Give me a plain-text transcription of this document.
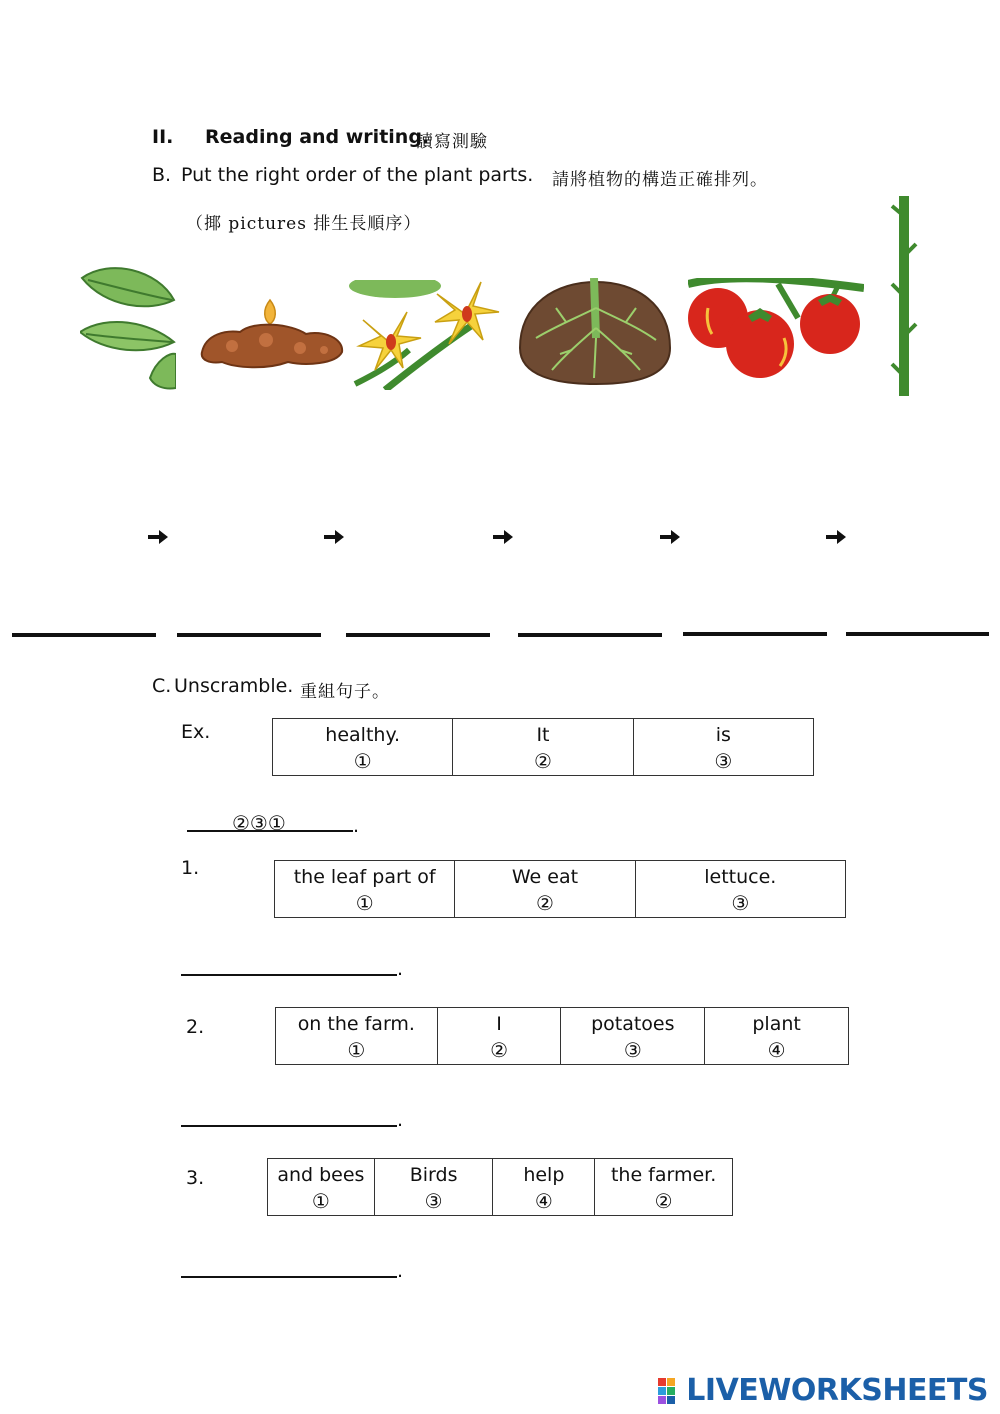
II. Reading and writing.
讀寫測驗
B. Put the right order of the plant parts. 請將植物的構造正確排列。
（揶 pictures 排生長順序）
C. Unscramble. 重組句子。
Ex.	healthy.
①

It
②

is
③
②③①	.
1.	the leaf part of
①

We eat
②

lettuce.
③
.
2.	on the farm.
①

I
②

potatoes
③

plant
④
.
3.	and bees
①

Birds
③

help
④

the farmer.
②
.
LIVEWORKSHEETS
